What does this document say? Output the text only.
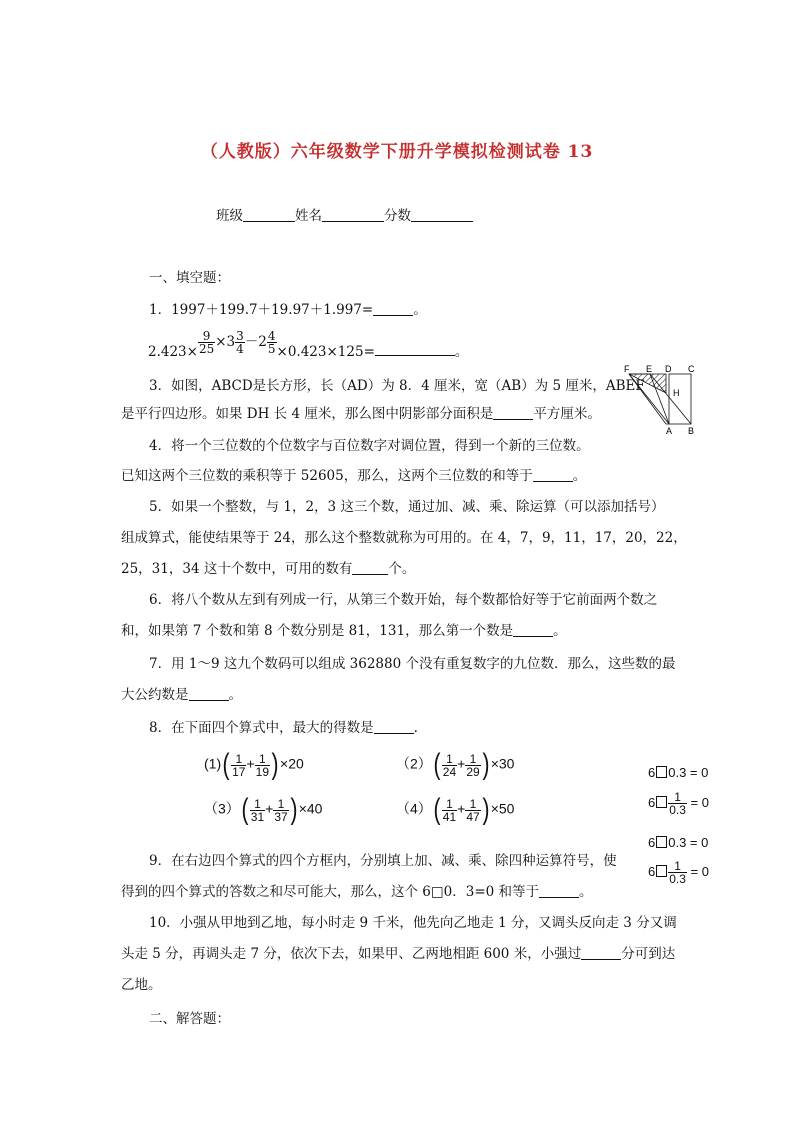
（人教版）六年级数学下册升学模拟检测试卷 13
班级	姓名	分数
一、填空题：
1．1997＋199.7＋19.97＋1.997=	。
$2.423\times \frac{9}{25} \times 3 \frac{3}{4} -2 \frac{4}{5} \times 0.423\times 125=$	。
3．如图，ABCD是长方形，长（AD）为 8．4 厘米，宽（AB）为 5 厘米，ABEF
是平行四边形。如果 DH 长 4 厘米，那么图中阴影部分面积是	平方厘米。
F E D C
H
A B
4．将一个三位数的个位数字与百位数字对调位置，得到一个新的三位数。
已知这两个三位数的乘积等于 52605，那么，这两个三位数的和等于	。
5．如果一个整数，与 1，2，3 这三个数，通过加、减、乘、除运算（可以添加括号）
组成算式，能使结果等于 24，那么这个整数就称为可用的。在 4，7，9，11，17，20，22，
25，31，34 这十个数中，可用的数有	个。
6．将八个数从左到有列成一行，从第三个数开始，每个数都恰好等于它前面两个数之
和，如果第 7 个数和第 8 个数分别是 81，131，那么第一个数是	。
7．用 1～9 这九个数码可以组成 362880 个没有重复数字的九位数．那么，这些数的最
大公约数是	。
8．在下面四个算式中，最大的得数是	.
$(1)( \frac{1}{17} + \frac{1}{19}$ ) ×20	$(2)( \frac{1}{24} + \frac{1}{29}$ ) ×30
$(3)( \frac{1}{31} + \frac{1}{37}$ ) ×40	$(4)( \frac{1}{41} + \frac{1}{47}$ ) ×50
6 0.3 = 0
$6 \frac{1}{0.3} = 0$
6 0.3 = 0
$6 \frac{1}{0.3} = 0$
9．在右边四个算式的四个方框内，分别填上加、减、乘、除四种运算符号，使
得到的四个算式的答数之和尽可能大，那么，这个 6□0．3=0 和等于	。
10．小强从甲地到乙地，每小时走 9 千米，他先向乙地走 1 分，又调头反向走 3 分又调
头走 5 分，再调头走 7 分，依次下去，如果甲、乙两地相距 600 米，小强过	分可到达
乙地。
二、解答题：
